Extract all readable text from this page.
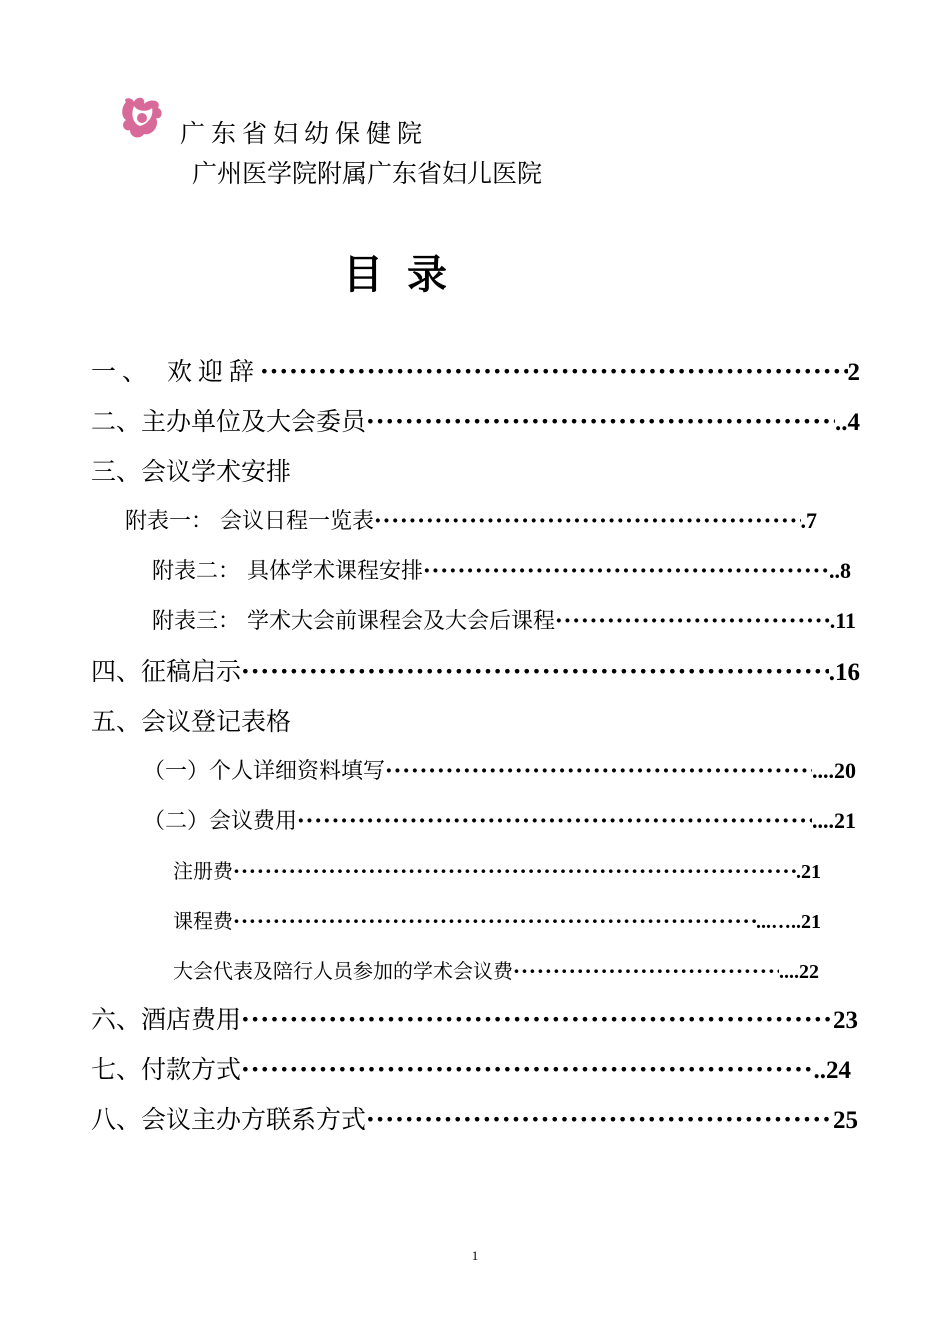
广东省妇幼保健院
广州医学院附属广东省妇儿医院
目录
一、 欢迎辞 ·····	2
二、主办单位及大会委员 ·····	..4
三、会议学术安排
附表一： 会议日程一览表 ·····	.7
附表二： 具体学术课程安排 ·····	..8
附表三： 学术大会前课程会及大会后课程 ·····	.11
四、征稿启示 ·····	.16
五、会议登记表格
（一）个人详细资料填写 ·····	....20
（二）会议费用 ·····	....21
注册费 ·····	.21
课程费 ·····	...…..21
大会代表及陪行人员参加的学术会议费 ·····	....22
六、酒店费用 ·····	23
七、付款方式 ·····	..24
八、会议主办方联系方式 ·····	25
1
